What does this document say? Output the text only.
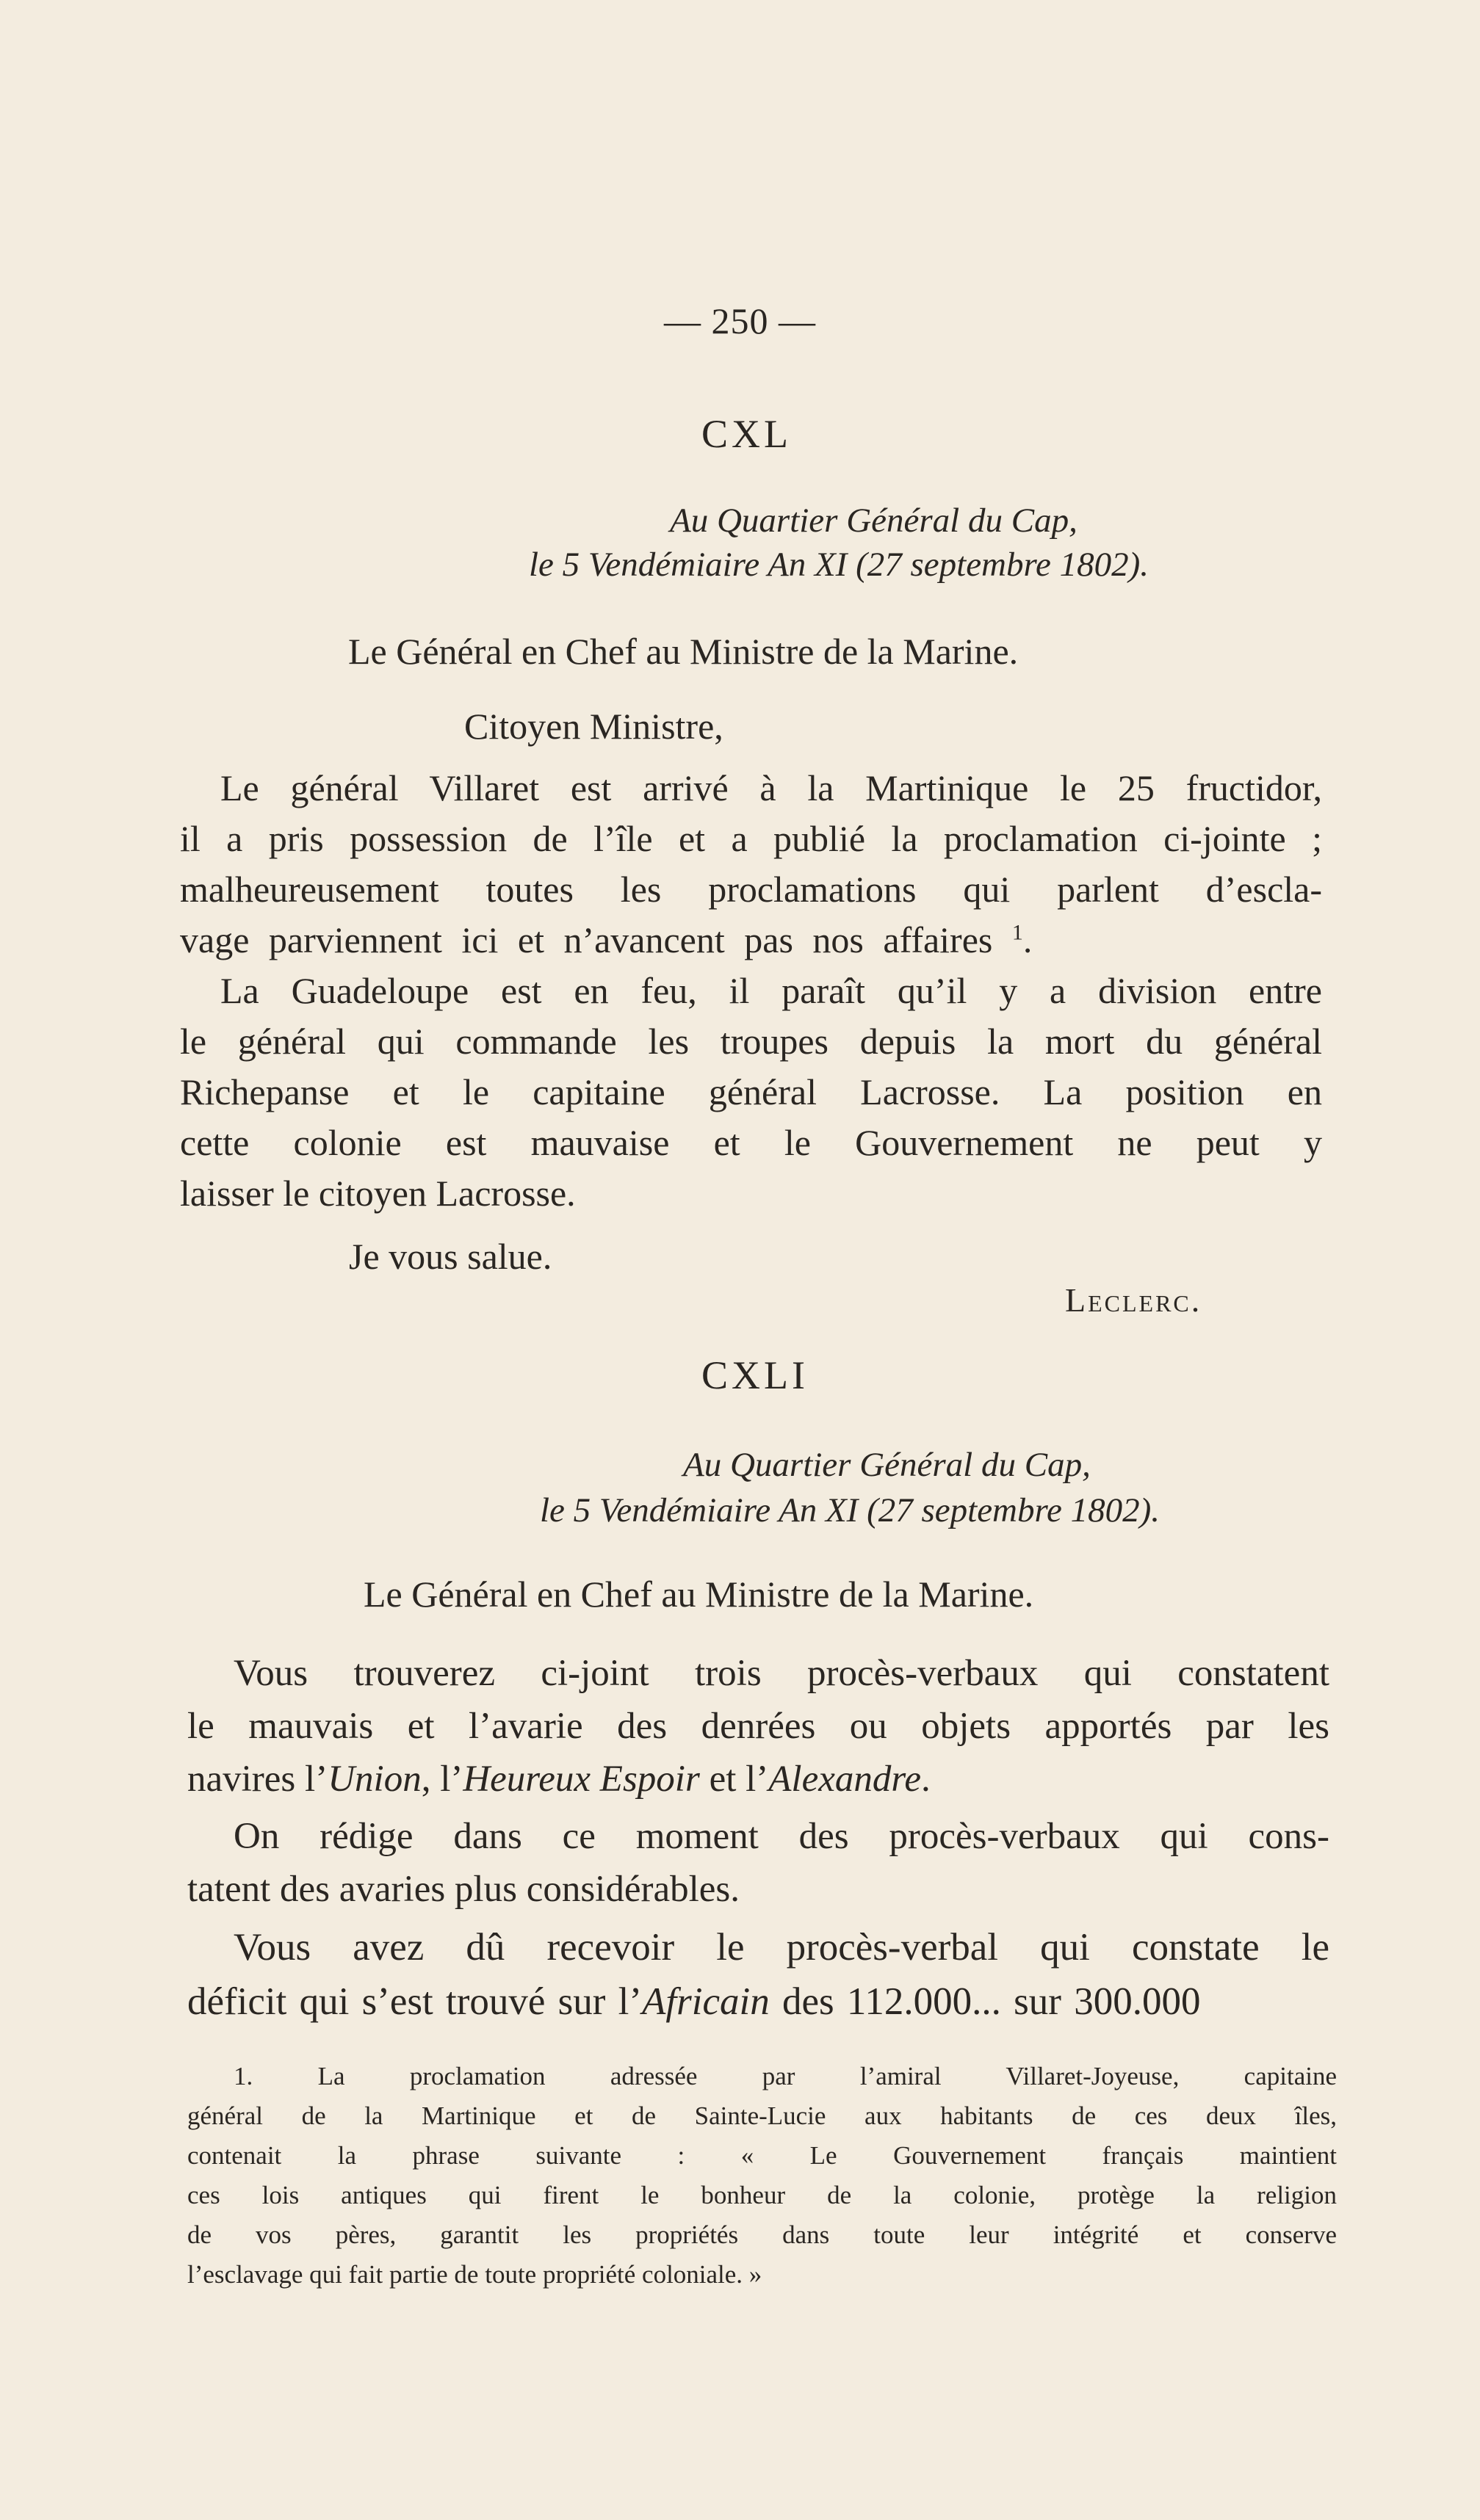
— 250 —
CXL
Au Quartier Général du Cap,
le 5 Vendémiaire An XI (27 septembre 1802).
Le Général en Chef au Ministre de la Marine.
Citoyen Ministre,
Le général Villaret est arrivé à la Martinique le 25 fructidor,
il a pris possession de l’île et a publié la proclamation ci-jointe ;
malheureusement toutes les proclamations qui parlent d’escla-
vage parviennent ici et n’avancent pas nos affaires $^1$.
La Guadeloupe est en feu, il paraît qu’il y a division entre
le général qui commande les troupes depuis la mort du général
Richepanse et le capitaine général Lacrosse. La position en
cette colonie est mauvaise et le Gouvernement ne peut y
laisser le citoyen Lacrosse.
Je vous salue.
Leclerc.
CXLI
Au Quartier Général du Cap,
le 5 Vendémiaire An XI (27 septembre 1802).
Le Général en Chef au Ministre de la Marine.
Vous trouverez ci-joint trois procès-verbaux qui constatent
le mauvais et l’avarie des denrées ou objets apportés par les
navires l’Union, l’Heureux Espoir et l’Alexandre.
On rédige dans ce moment des procès-verbaux qui cons-
tatent des avaries plus considérables.
Vous avez dû recevoir le procès-verbal qui constate le
déficit qui s’est trouvé sur l’Africain des 112.000... sur 300.000
1. La proclamation adressée par l’amiral Villaret-Joyeuse, capitaine
général de la Martinique et de Sainte-Lucie aux habitants de ces deux îles,
contenait la phrase suivante : « Le Gouvernement français maintient
ces lois antiques qui firent le bonheur de la colonie, protège la religion
de vos pères, garantit les propriétés dans toute leur intégrité et conserve
l’esclavage qui fait partie de toute propriété coloniale. »
